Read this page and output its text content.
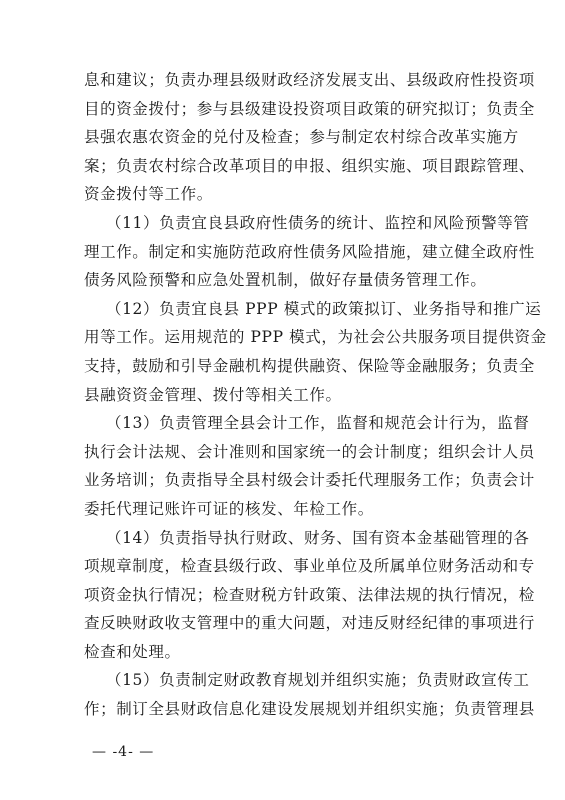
息和建议；负责办理县级财政经济发展支出、县级政府性投资项
目的资金拨付；参与县级建设投资项目政策的研究拟订；负责全
县强农惠农资金的兑付及检查；参与制定农村综合改革实施方
案；负责农村综合改革项目的申报、组织实施、项目跟踪管理、
资金拨付等工作。
（11）负责宜良县政府性债务的统计、监控和风险预警等管
理工作。制定和实施防范政府性债务风险措施，建立健全政府性
债务风险预警和应急处置机制，做好存量债务管理工作。
（12）负责宜良县 PPP 模式的政策拟订、业务指导和推广运
用等工作。运用规范的 PPP 模式，为社会公共服务项目提供资金
支持，鼓励和引导金融机构提供融资、保险等金融服务；负责全
县融资资金管理、拨付等相关工作。
（13）负责管理全县会计工作，监督和规范会计行为，监督
执行会计法规、会计准则和国家统一的会计制度；组织会计人员
业务培训；负责指导全县村级会计委托代理服务工作；负责会计
委托代理记账许可证的核发、年检工作。
（14）负责指导执行财政、财务、国有资本金基础管理的各
项规章制度，检查县级行政、事业单位及所属单位财务活动和专
项资金执行情况；检查财税方针政策、法律法规的执行情况，检
查反映财政收支管理中的重大问题，对违反财经纪律的事项进行
检查和处理。
（15）负责制定财政教育规划并组织实施；负责财政宣传工
作；制订全县财政信息化建设发展规划并组织实施；负责管理县
— -4- —
